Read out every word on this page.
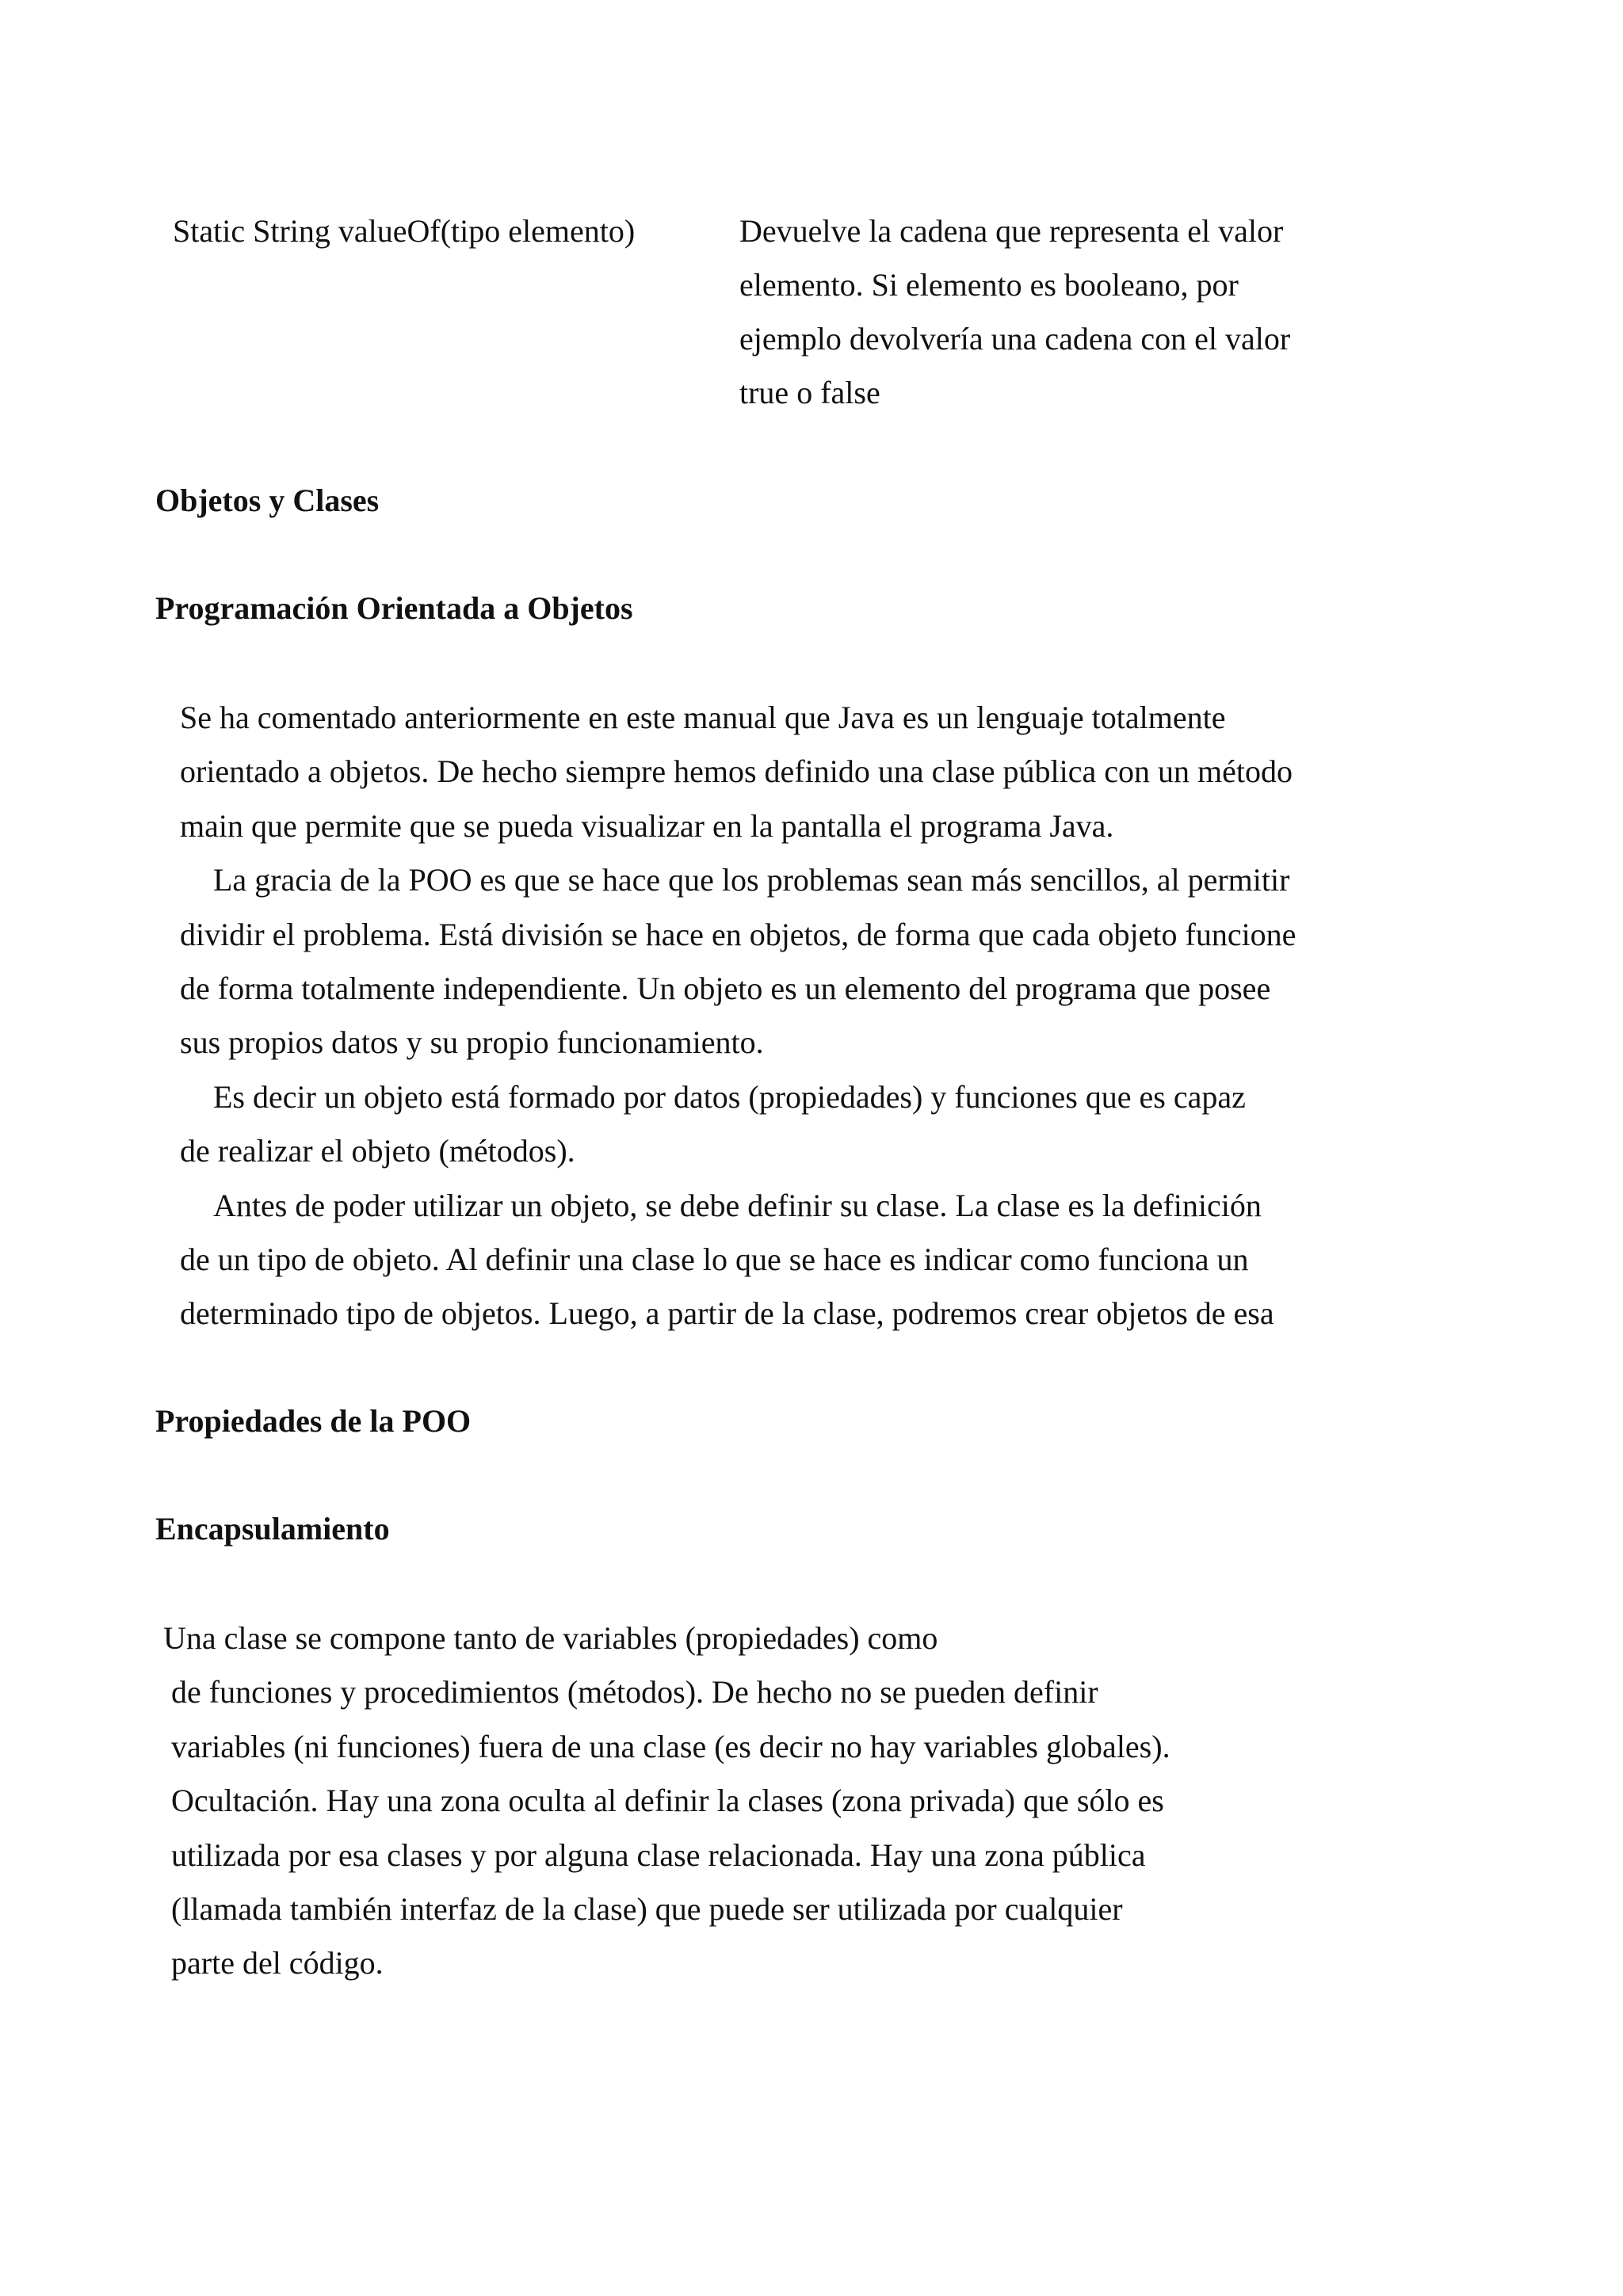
Static String valueOf(tipo elemento)	Devuelve la cadena que representa el valor
elemento. Si elemento es booleano, por
ejemplo devolvería una cadena con el valor
true o false
Objetos y Clases
Programación Orientada a Objetos
Se ha comentado anteriormente en este manual que Java es un lenguaje totalmente
orientado a objetos. De hecho siempre hemos definido una clase pública con un método
main que permite que se pueda visualizar en la pantalla el programa Java.
La gracia de la POO es que se hace que los problemas sean más sencillos, al permitir
dividir el problema. Está división se hace en objetos, de forma que cada objeto funcione
de forma totalmente independiente. Un objeto es un elemento del programa que posee
sus propios datos y su propio funcionamiento.
Es decir un objeto está formado por datos (propiedades) y funciones que es capaz
de realizar el objeto (métodos).
Antes de poder utilizar un objeto, se debe definir su clase. La clase es la definición
de un tipo de objeto. Al definir una clase lo que se hace es indicar como funciona un
determinado tipo de objetos. Luego, a partir de la clase, podremos crear objetos de esa
Propiedades de la POO
Encapsulamiento
Una clase se compone tanto de variables (propiedades) como
de funciones y procedimientos (métodos). De hecho no se pueden definir
variables (ni funciones) fuera de una clase (es decir no hay variables globales).
Ocultación. Hay una zona oculta al definir la clases (zona privada) que sólo es
utilizada por esa clases y por alguna clase relacionada. Hay una zona pública
(llamada también interfaz de la clase) que puede ser utilizada por cualquier
parte del código.
